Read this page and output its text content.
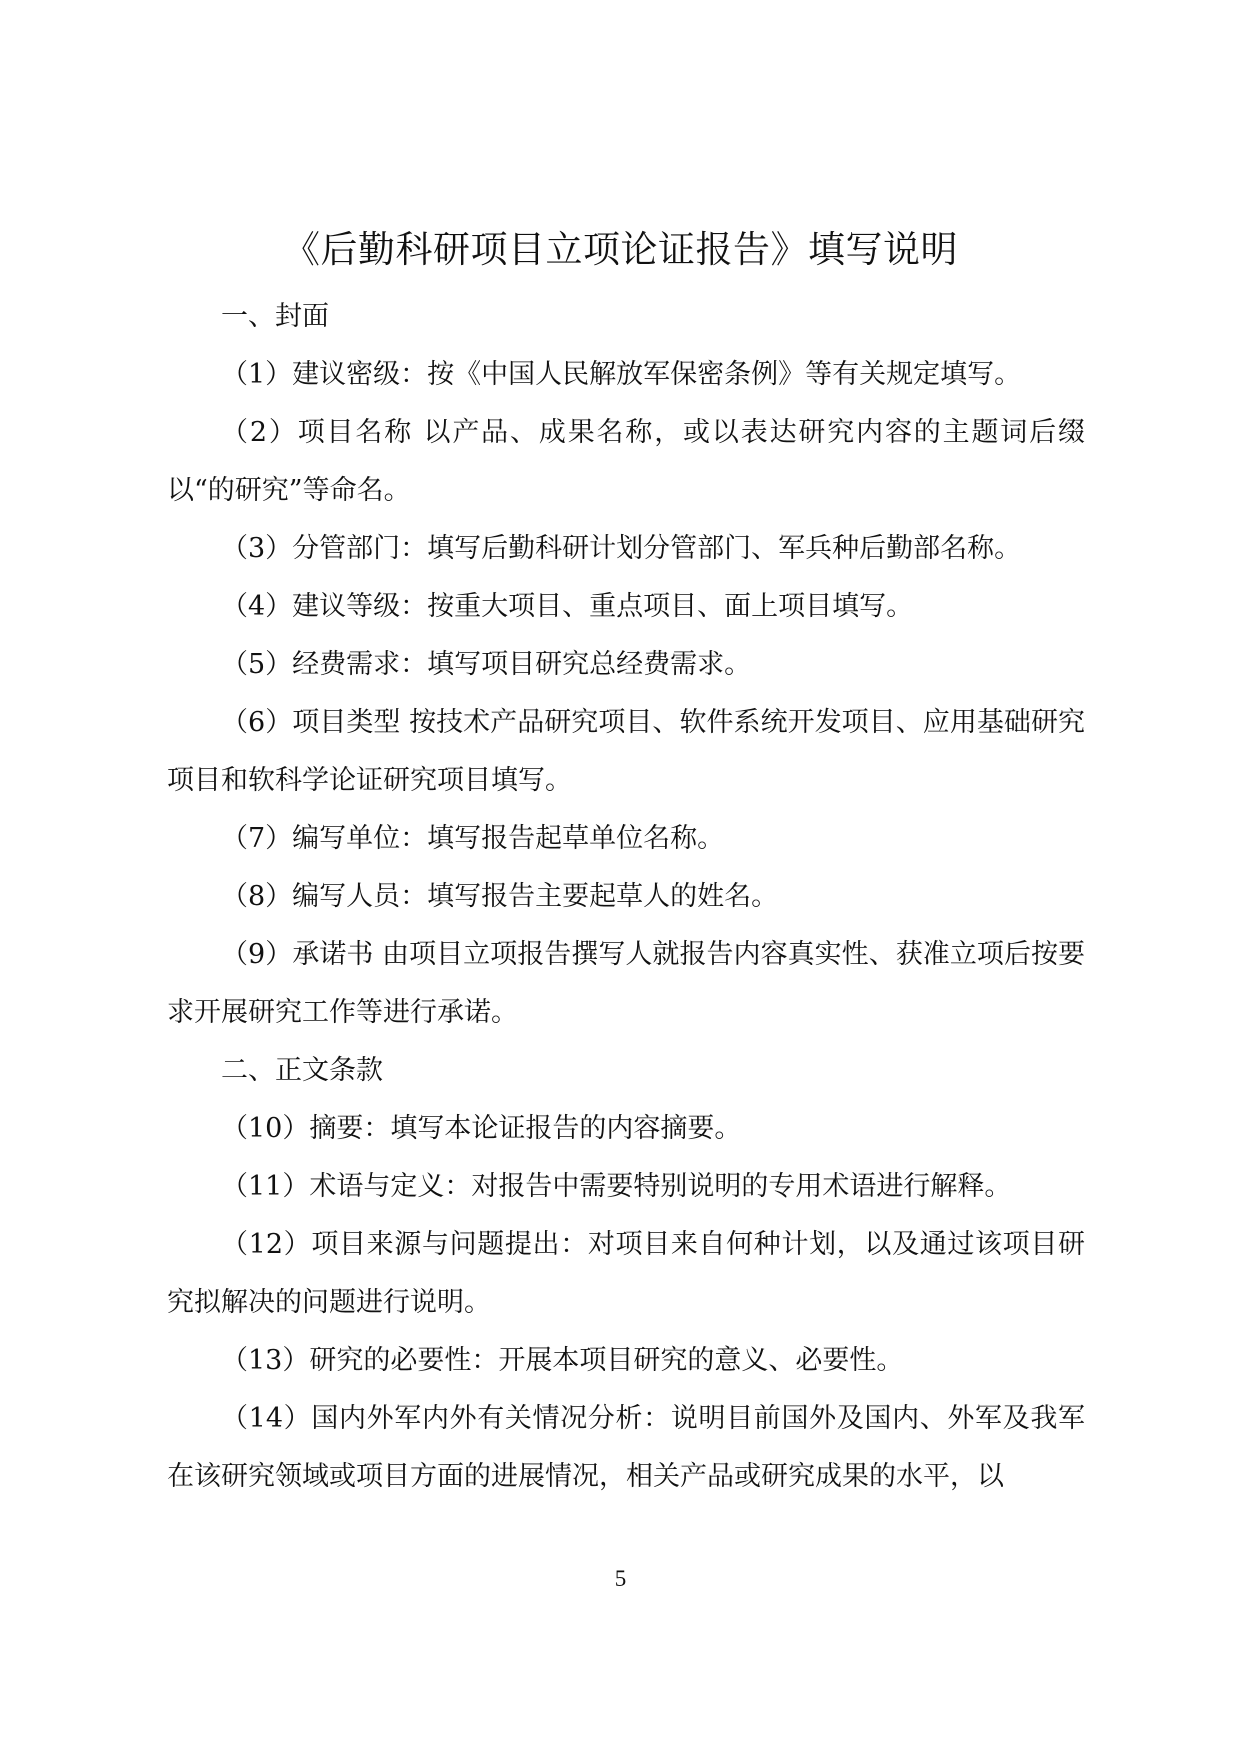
《后勤科研项目立项论证报告》填写说明

一、封面

（1）建议密级：按《中国人民解放军保密条例》等有关规定填写。

（2）项目名称 以产品、成果名称，或以表达研究内容的主题词后缀以“的研究”等命名。

（3）分管部门：填写后勤科研计划分管部门、军兵种后勤部名称。

（4）建议等级：按重大项目、重点项目、面上项目填写。

（5）经费需求：填写项目研究总经费需求。

（6）项目类型 按技术产品研究项目、软件系统开发项目、应用基础研究项目和软科学论证研究项目填写。

（7）编写单位：填写报告起草单位名称。

（8）编写人员：填写报告主要起草人的姓名。

（9）承诺书 由项目立项报告撰写人就报告内容真实性、获准立项后按要求开展研究工作等进行承诺。

二、正文条款

（10）摘要：填写本论证报告的内容摘要。

（11）术语与定义：对报告中需要特别说明的专用术语进行解释。

（12）项目来源与问题提出：对项目来自何种计划，以及通过该项目研究拟解决的问题进行说明。

（13）研究的必要性：开展本项目研究的意义、必要性。

（14）国内外军内外有关情况分析：说明目前国外及国内、外军及我军在该研究领域或项目方面的进展情况，相关产品或研究成果的水平，以

5
